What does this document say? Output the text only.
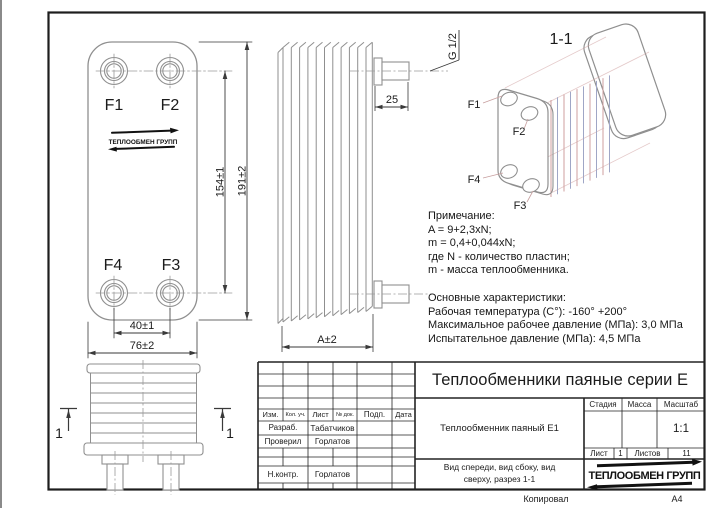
F1 F2
F4 F3
154±1 191±2
40±1
76±2
ТЕПЛООБМЕН ГРУПП
25
G 1/2
А±2
1	1
1-1
F1
F2
F4
F3
Примечание:
A = 9+2,3xN;
m = 0,4+0,044xN;
где N - количество пластин;
m - масса теплообменника.
Основные характеристики:
Рабочая температура (С°): -160° +200°
Максимальное рабочее давление (МПа): 3,0 МПа
Испытательное давление (МПа): 4,5 МПа
Теплообменники паяные серии Е
Изм.	Кол. уч. Лист	№ док.	Подп.	Дата
Разраб.	Табатчиков
Проверил	Горлатов
Н.контр.	Горлатов
Теплообменник паяный Е1
Стадия	Масса	Масштаб
1:1
Лист	1	Листов	11
Вид спереди, вид сбоку, вид
сверху, разрез 1-1	ТЕПЛООБМЕН ГРУПП
Копировал	А4
